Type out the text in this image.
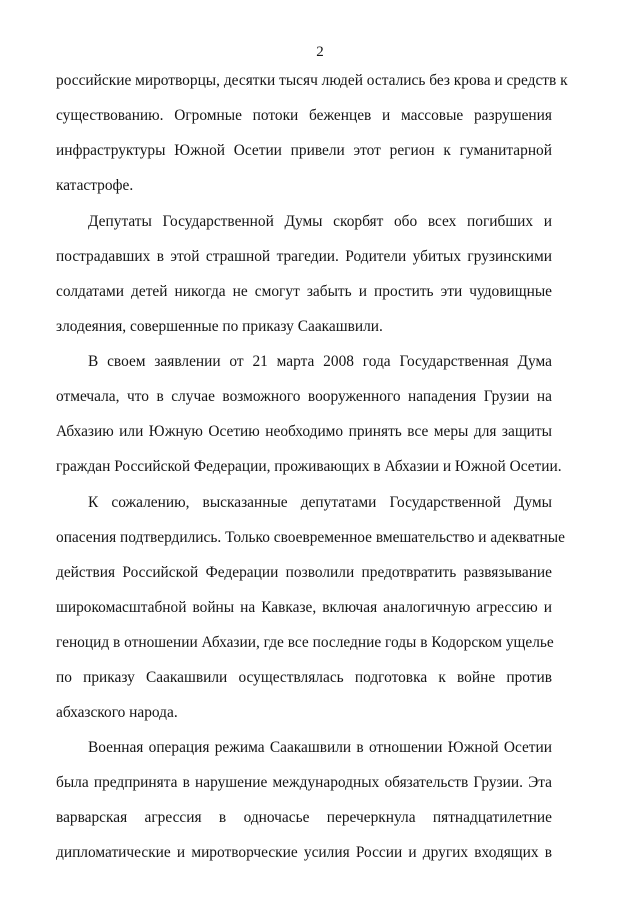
2
российские миротворцы, десятки тысяч людей остались без крова и средств к
существованию. Огромные потоки беженцев и массовые разрушения
инфраструктуры Южной Осетии привели этот регион к гуманитарной
катастрофе.
Депутаты Государственной Думы скорбят обо всех погибших и
пострадавших в этой страшной трагедии. Родители убитых грузинскими
солдатами детей никогда не смогут забыть и простить эти чудовищные
злодеяния, совершенные по приказу Саакашвили.
В своем заявлении от 21 марта 2008 года Государственная Дума
отмечала, что в случае возможного вооруженного нападения Грузии на
Абхазию или Южную Осетию необходимо принять все меры для защиты
граждан Российской Федерации, проживающих в Абхазии и Южной Осетии.
К сожалению, высказанные депутатами Государственной Думы
опасения подтвердились. Только своевременное вмешательство и адекватные
действия Российской Федерации позволили предотвратить развязывание
широкомасштабной войны на Кавказе, включая аналогичную агрессию и
геноцид в отношении Абхазии, где все последние годы в Кодорском ущелье
по приказу Саакашвили осуществлялась подготовка к войне против
абхазского народа.
Военная операция режима Саакашвили в отношении Южной Осетии
была предпринята в нарушение международных обязательств Грузии. Эта
варварская агрессия в одночасье перечеркнула пятнадцатилетние
дипломатические и миротворческие усилия России и других входящих в
